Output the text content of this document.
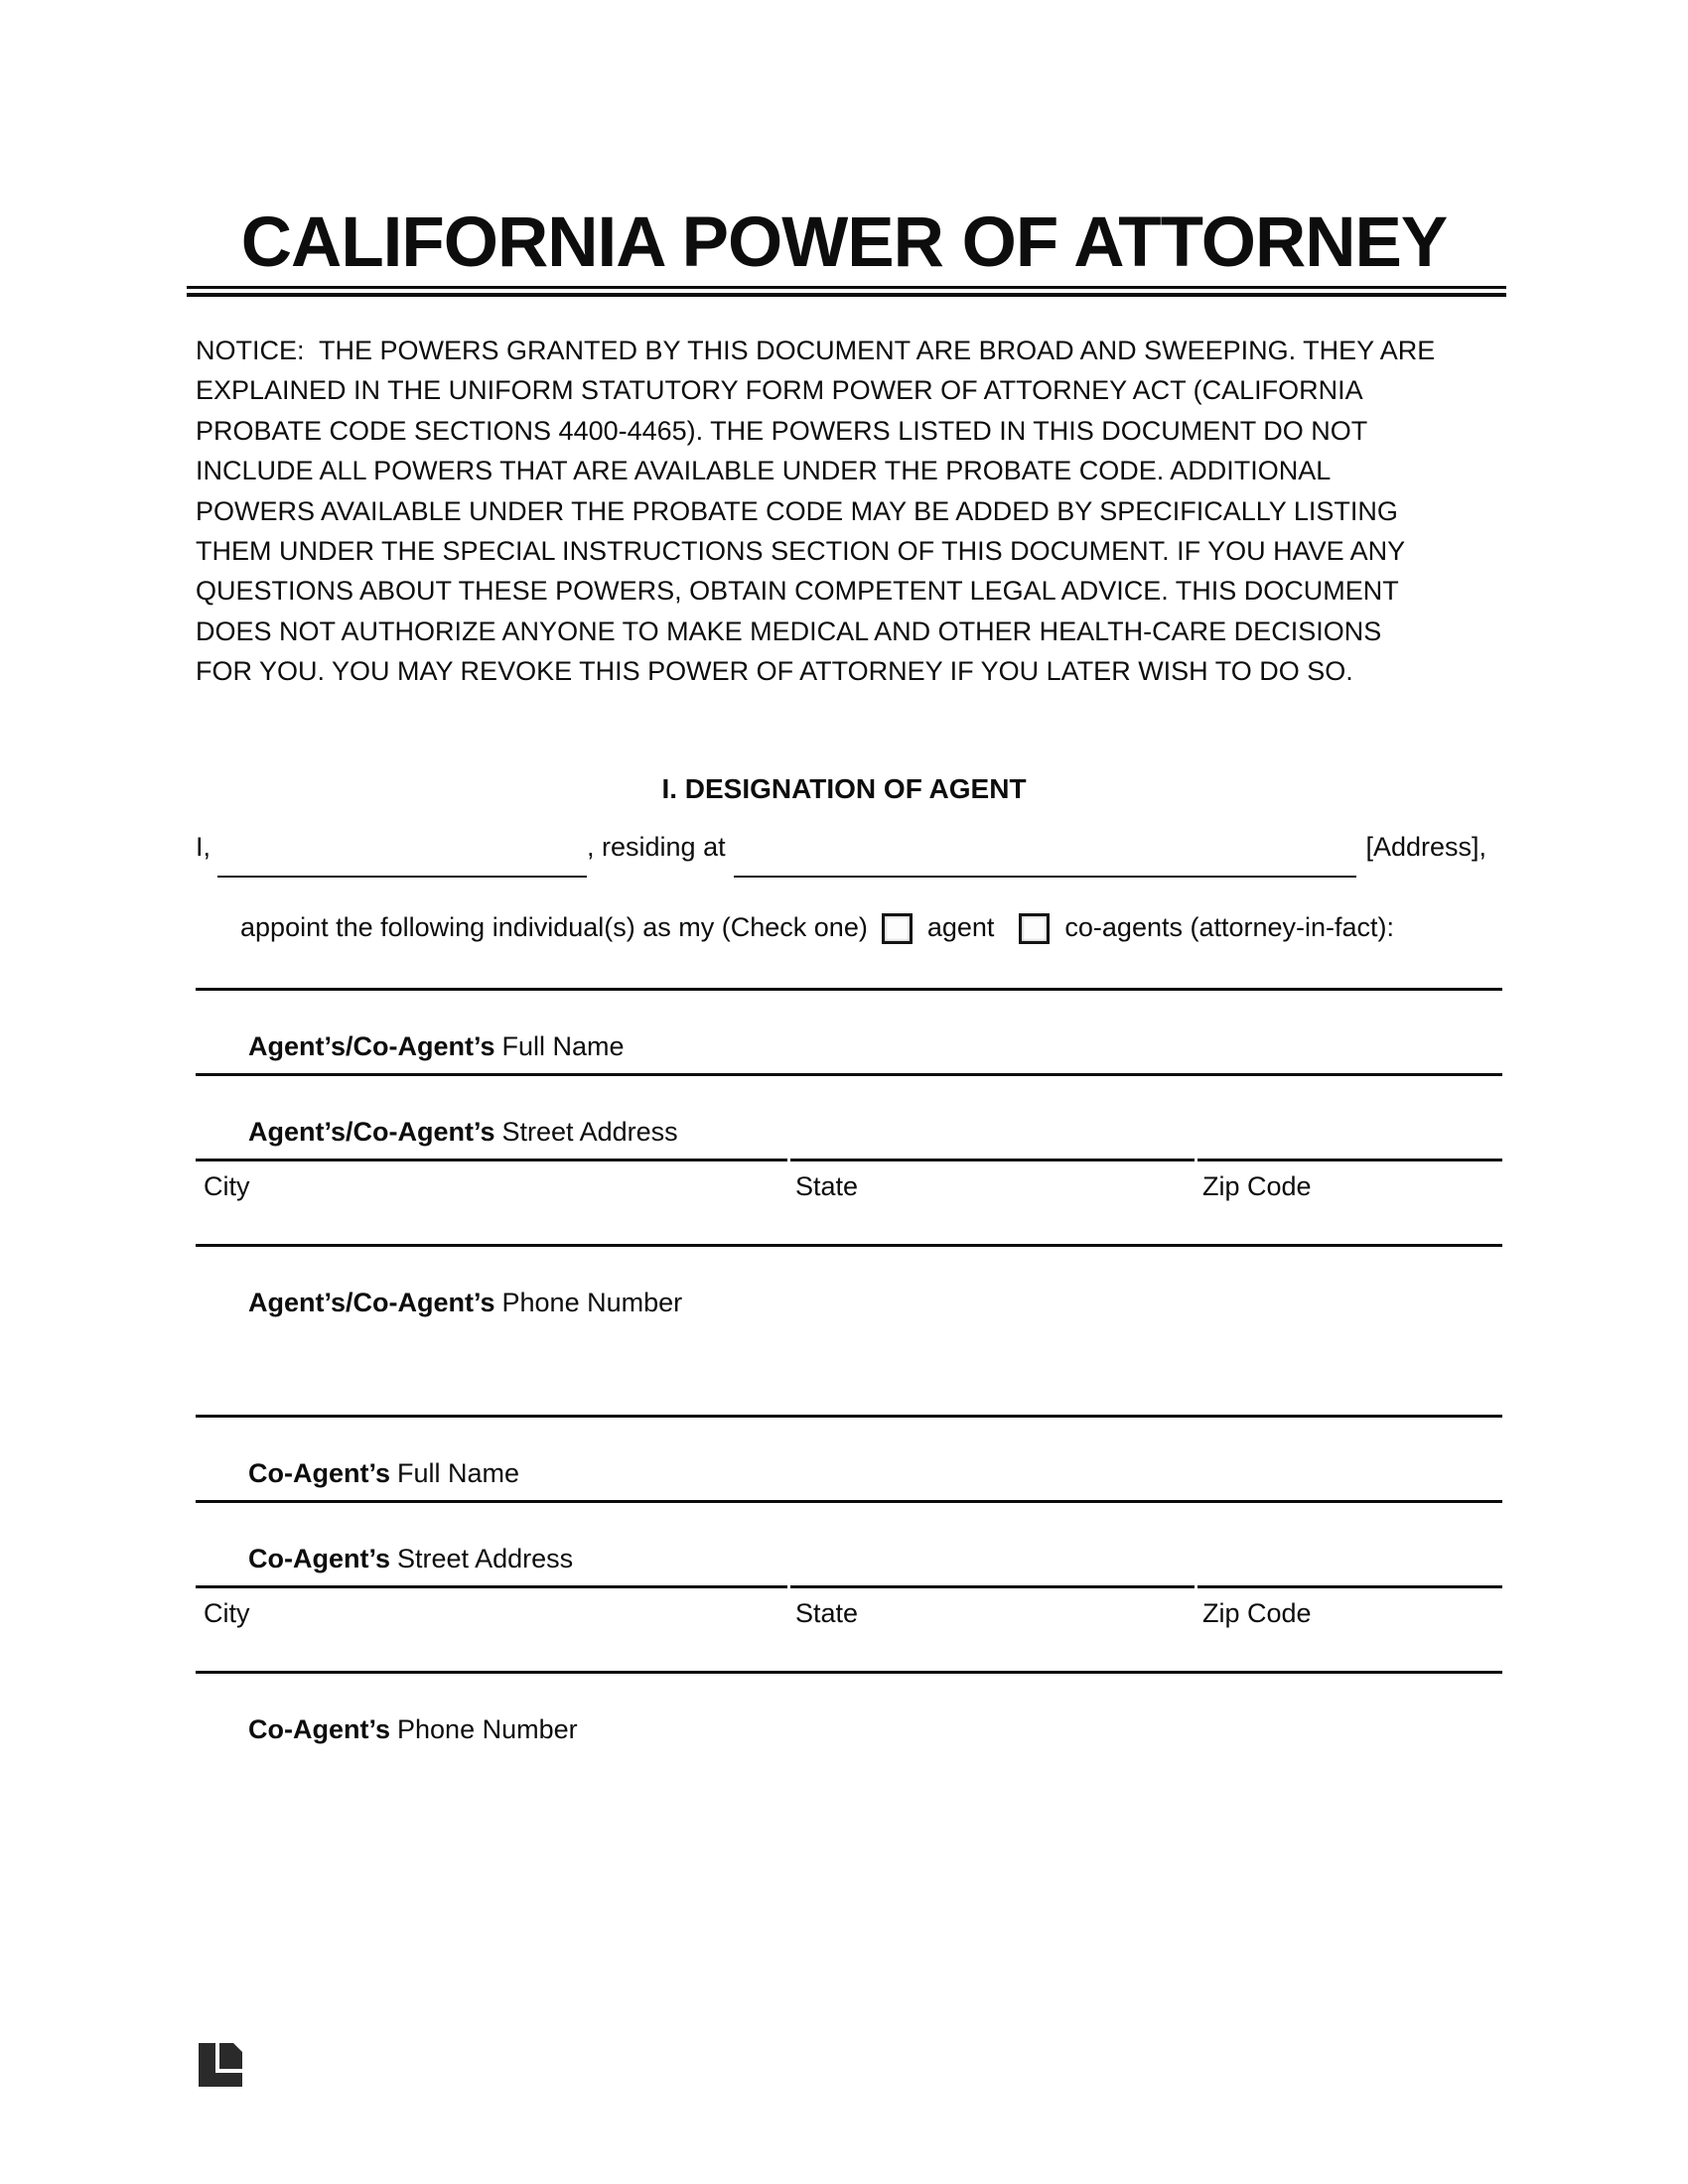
CALIFORNIA POWER OF ATTORNEY
NOTICE:  THE POWERS GRANTED BY THIS DOCUMENT ARE BROAD AND SWEEPING. THEY ARE
EXPLAINED IN THE UNIFORM STATUTORY FORM POWER OF ATTORNEY ACT (CALIFORNIA
PROBATE CODE SECTIONS 4400-4465). THE POWERS LISTED IN THIS DOCUMENT DO NOT
INCLUDE ALL POWERS THAT ARE AVAILABLE UNDER THE PROBATE CODE. ADDITIONAL
POWERS AVAILABLE UNDER THE PROBATE CODE MAY BE ADDED BY SPECIFICALLY LISTING
THEM UNDER THE SPECIAL INSTRUCTIONS SECTION OF THIS DOCUMENT. IF YOU HAVE ANY
QUESTIONS ABOUT THESE POWERS, OBTAIN COMPETENT LEGAL ADVICE. THIS DOCUMENT
DOES NOT AUTHORIZE ANYONE TO MAKE MEDICAL AND OTHER HEALTH-CARE DECISIONS
FOR YOU. YOU MAY REVOKE THIS POWER OF ATTORNEY IF YOU LATER WISH TO DO SO.
I. DESIGNATION OF AGENT
I,	, residing at	[Address],

appoint the following individual(s) as my (Check one) agent	co-agents (attorney-in-fact):

Agent’s/Co-Agent’s Full Name

Agent’s/Co-Agent’s Street Address

City	State	Zip Code

Agent’s/Co-Agent’s Phone Number

Co-Agent’s Full Name

Co-Agent’s Street Address

City	State	Zip Code

Co-Agent’s Phone Number
